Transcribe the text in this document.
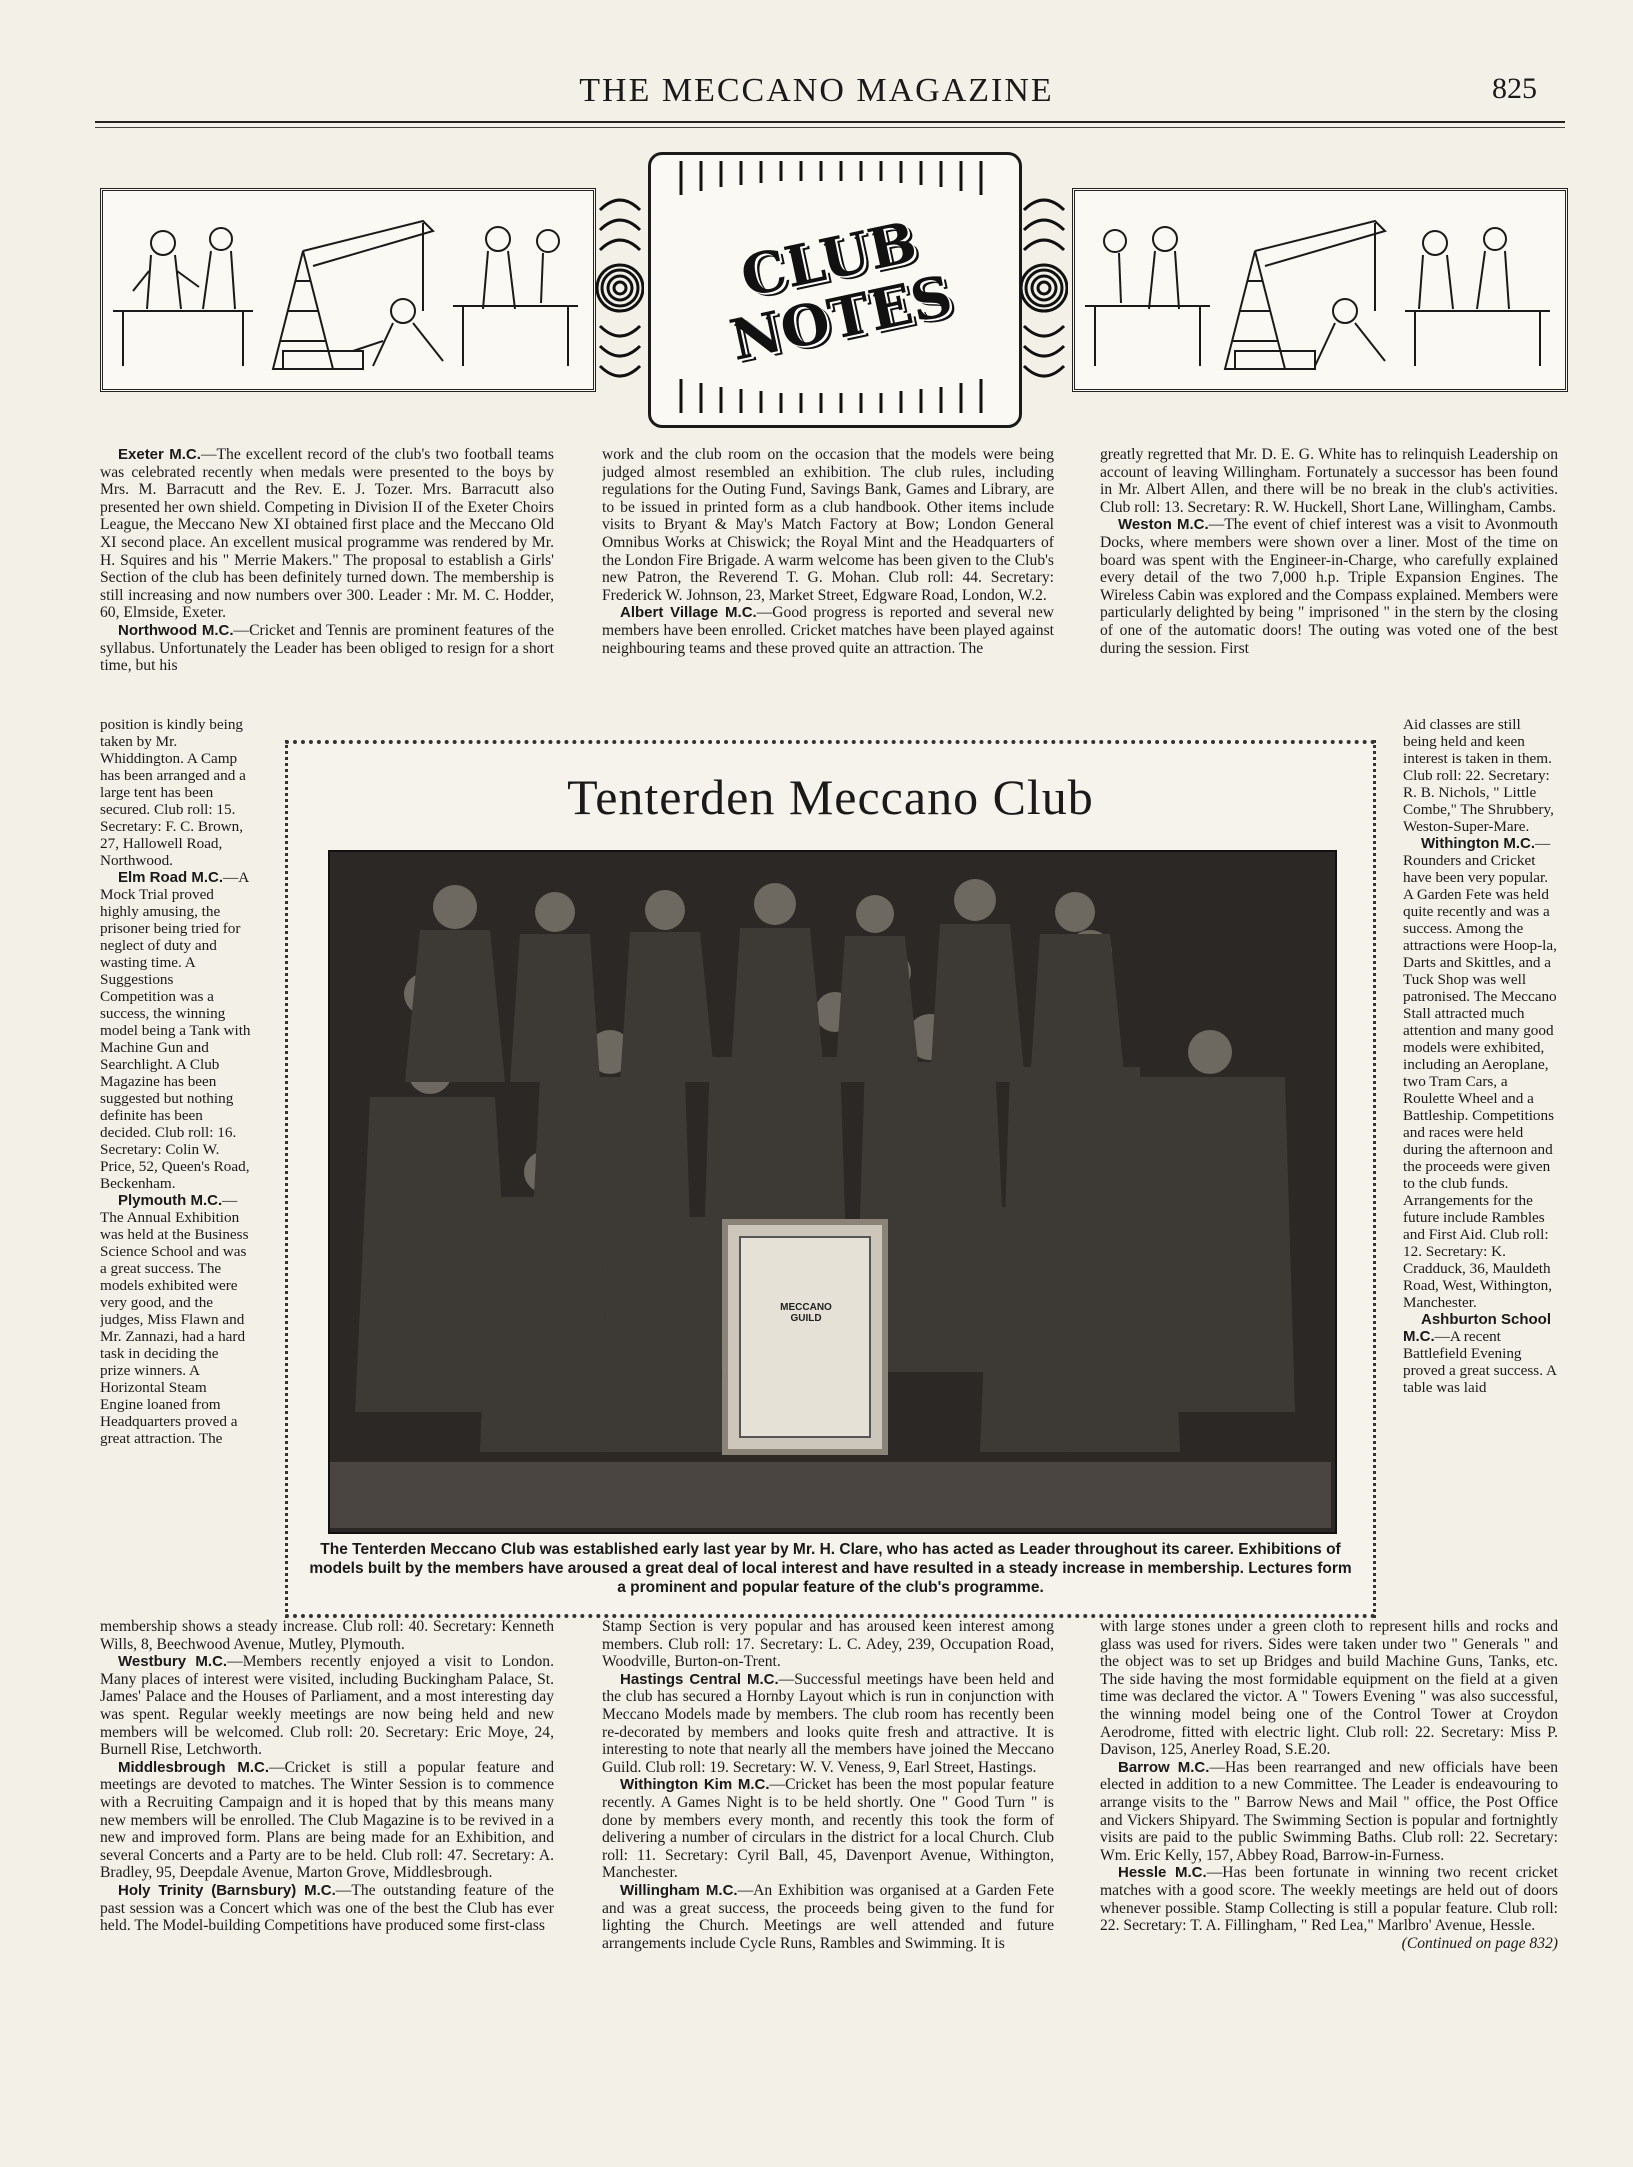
THE MECCANO MAGAZINE	825
CLUB NOTES

Exeter M.C.—The excellent record of the club's two football teams was celebrated recently when medals were presented to the boys by Mrs. M. Barracutt and the Rev. E. J. Tozer. Mrs. Barracutt also presented her own shield. Competing in Division II of the Exeter Choirs League, the Meccano New XI obtained first place and the Meccano Old XI second place. An excellent musical programme was rendered by Mr. H. Squires and his " Merrie Makers." The proposal to establish a Girls' Section of the club has been definitely turned down. The membership is still increasing and now numbers over 300. Leader : Mr. M. C. Hodder, 60, Elmside, Exeter.

Northwood M.C.—Cricket and Tennis are prominent features of the syllabus. Unfortunately the Leader has been obliged to resign for a short time, but his

work and the club room on the occasion that the models were being judged almost resembled an exhibition. The club rules, including regulations for the Outing Fund, Savings Bank, Games and Library, are to be issued in printed form as a club handbook. Other items include visits to Bryant & May's Match Factory at Bow; London General Omnibus Works at Chiswick; the Royal Mint and the Headquarters of the London Fire Brigade. A warm welcome has been given to the Club's new Patron, the Reverend T. G. Mohan. Club roll: 44. Secretary: Frederick W. Johnson, 23, Market Street, Edgware Road, London, W.2.

Albert Village M.C.—Good progress is reported and several new members have been enrolled. Cricket matches have been played against neighbouring teams and these proved quite an attraction. The

greatly regretted that Mr. D. E. G. White has to relinquish Leadership on account of leaving Willingham. Fortunately a successor has been found in Mr. Albert Allen, and there will be no break in the club's activities. Club roll: 13. Secretary: R. W. Huckell, Short Lane, Willingham, Cambs.

Weston M.C.—The event of chief interest was a visit to Avonmouth Docks, where members were shown over a liner. Most of the time on board was spent with the Engineer-in-Charge, who carefully explained every detail of the two 7,000 h.p. Triple Expansion Engines. The Wireless Cabin was explored and the Compass explained. Members were particularly delighted by being " imprisoned " in the stern by the closing of one of the automatic doors! The outing was voted one of the best during the session. First

position is kindly being taken by Mr. Whiddington. A Camp has been arranged and a large tent has been secured. Club roll: 15. Secretary: F. C. Brown, 27, Hallowell Road, Northwood.

Elm Road M.C.—A Mock Trial proved highly amusing, the prisoner being tried for neglect of duty and wasting time. A Suggestions Competition was a success, the winning model being a Tank with Machine Gun and Searchlight. A Club Magazine has been suggested but nothing definite has been decided. Club roll: 16. Secretary: Colin W. Price, 52, Queen's Road, Beckenham.

Plymouth M.C.—The Annual Exhibition was held at the Business Science School and was a great success. The models exhibited were very good, and the judges, Miss Flawn and Mr. Zannazi, had a hard task in deciding the prize winners. A Horizontal Steam Engine loaned from Headquarters proved a great attraction. The

Aid classes are still being held and keen interest is taken in them. Club roll: 22. Secretary: R. B. Nichols, " Little Combe," The Shrubbery, Weston-Super-Mare.

Withington M.C.—Rounders and Cricket have been very popular. A Garden Fete was held quite recently and was a success. Among the attractions were Hoop-la, Darts and Skittles, and a Tuck Shop was well patronised. The Meccano Stall attracted much attention and many good models were exhibited, including an Aeroplane, two Tram Cars, a Roulette Wheel and a Battleship. Competitions and races were held during the afternoon and the proceeds were given to the club funds. Arrangements for the future include Rambles and First Aid. Club roll: 12. Secretary: K. Cradduck, 36, Mauldeth Road, West, Withington, Manchester.

Ashburton School M.C.—A recent Battlefield Evening proved a great success. A table was laid

membership shows a steady increase. Club roll: 40. Secretary: Kenneth Wills, 8, Beechwood Avenue, Mutley, Plymouth.

Westbury M.C.—Members recently enjoyed a visit to London. Many places of interest were visited, including Buckingham Palace, St. James' Palace and the Houses of Parliament, and a most interesting day was spent. Regular weekly meetings are now being held and new members will be welcomed. Club roll: 20. Secretary: Eric Moye, 24, Burnell Rise, Letchworth.

Middlesbrough M.C.—Cricket is still a popular feature and meetings are devoted to matches. The Winter Session is to commence with a Recruiting Campaign and it is hoped that by this means many new members will be enrolled. The Club Magazine is to be revived in a new and improved form. Plans are being made for an Exhibition, and several Concerts and a Party are to be held. Club roll: 47. Secretary: A. Bradley, 95, Deepdale Avenue, Marton Grove, Middlesbrough.

Holy Trinity (Barnsbury) M.C.—The outstanding feature of the past session was a Concert which was one of the best the Club has ever held. The Model-building Competitions have produced some first-class

Stamp Section is very popular and has aroused keen interest among members. Club roll: 17. Secretary: L. C. Adey, 239, Occupation Road, Woodville, Burton-on-Trent.

Hastings Central M.C.—Successful meetings have been held and the club has secured a Hornby Layout which is run in conjunction with Meccano Models made by members. The club room has recently been re-decorated by members and looks quite fresh and attractive. It is interesting to note that nearly all the members have joined the Meccano Guild. Club roll: 19. Secretary: W. V. Veness, 9, Earl Street, Hastings.

Withington Kim M.C.—Cricket has been the most popular feature recently. A Games Night is to be held shortly. One " Good Turn " is done by members every month, and recently this took the form of delivering a number of circulars in the district for a local Church. Club roll: 11. Secretary: Cyril Ball, 45, Davenport Avenue, Withington, Manchester.

Willingham M.C.—An Exhibition was organised at a Garden Fete and was a great success, the proceeds being given to the fund for lighting the Church. Meetings are well attended and future arrangements include Cycle Runs, Rambles and Swimming. It is

with large stones under a green cloth to represent hills and rocks and glass was used for rivers. Sides were taken under two " Generals " and the object was to set up Bridges and build Machine Guns, Tanks, etc. The side having the most formidable equipment on the field at a given time was declared the victor. A " Towers Evening " was also successful, the winning model being one of the Control Tower at Croydon Aerodrome, fitted with electric light. Club roll: 22. Secretary: Miss P. Davison, 125, Anerley Road, S.E.20.

Barrow M.C.—Has been rearranged and new officials have been elected in addition to a new Committee. The Leader is endeavouring to arrange visits to the " Barrow News and Mail " office, the Post Office and Vickers Shipyard. The Swimming Section is popular and fortnightly visits are paid to the public Swimming Baths. Club roll: 22. Secretary: Wm. Eric Kelly, 157, Abbey Road, Barrow-in-Furness.

Hessle M.C.—Has been fortunate in winning two recent cricket matches with a good score. The weekly meetings are held out of doors whenever possible. Stamp Collecting is still a popular feature. Club roll: 22. Secretary: T. A. Fillingham, " Red Lea," Marlbro' Avenue, Hessle.

(Continued on page 832)
Tenterden Meccano Club
MECCANO GUILD
The Tenterden Meccano Club was established early last year by Mr. H. Clare, who has acted as Leader throughout its career. Exhibitions of models built by the members have aroused a great deal of local interest and have resulted in a steady increase in membership. Lectures form a prominent and popular feature of the club's programme.
